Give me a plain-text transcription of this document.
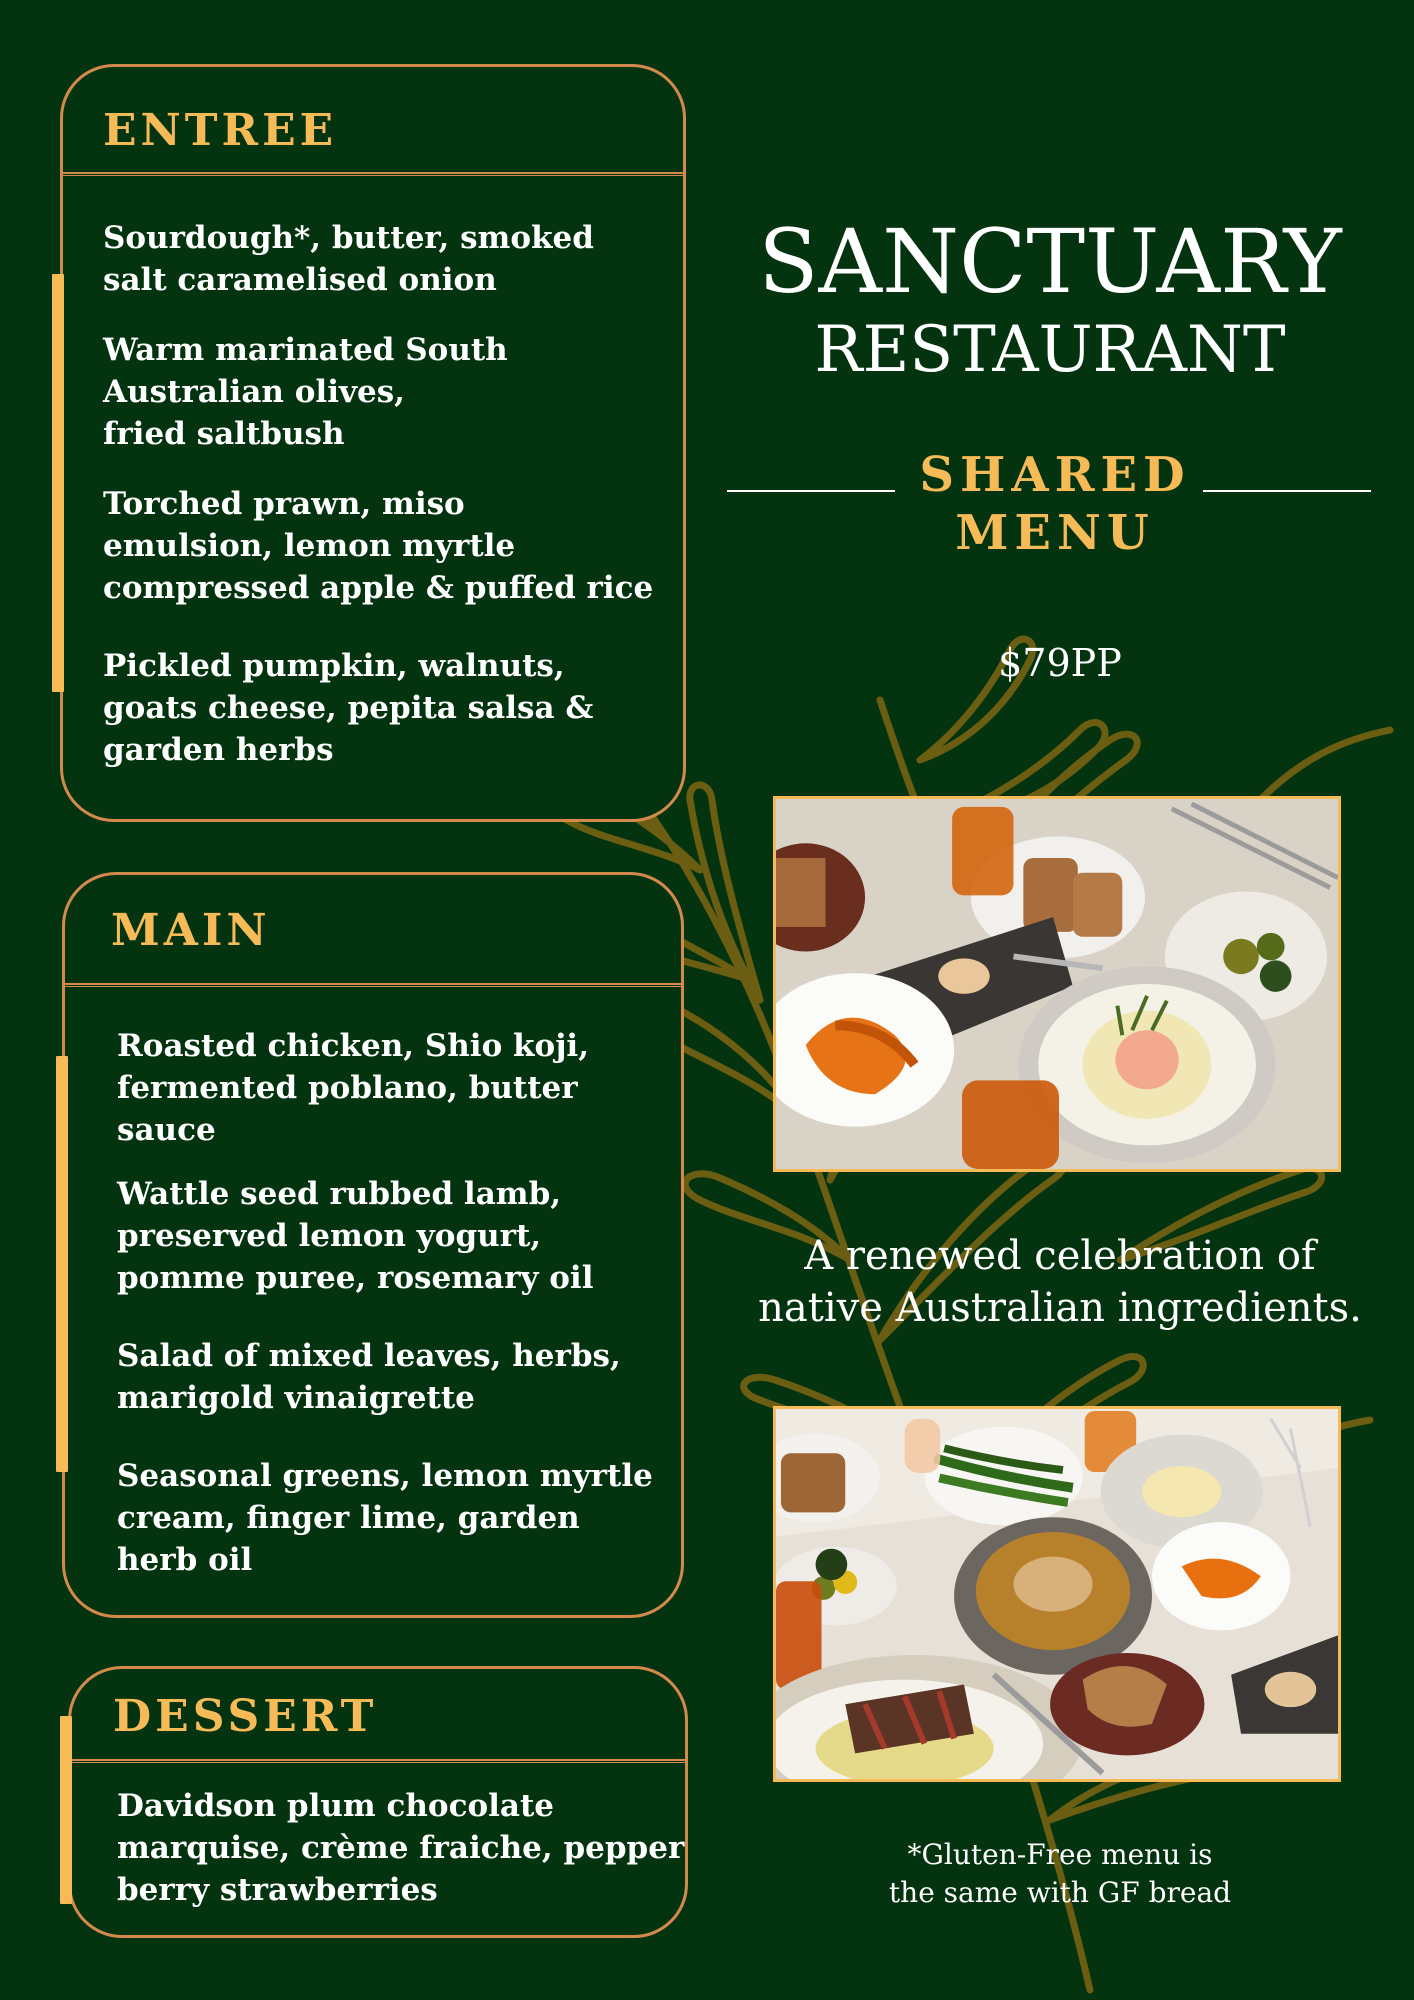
ENTREE

Sourdough*, butter, smoked
salt caramelised onion

Warm marinated South
Australian olives,
fried saltbush

Torched prawn, miso
emulsion, lemon myrtle
compressed apple & puffed rice

Pickled pumpkin, walnuts,
goats cheese, pepita salsa &
garden herbs

MAIN

Roasted chicken, Shio koji,
fermented poblano, butter
sauce

Wattle seed rubbed lamb,
preserved lemon yogurt,
pomme puree, rosemary oil

Salad of mixed leaves, herbs,
marigold vinaigrette

Seasonal greens, lemon myrtle
cream, finger lime, garden
herb oil

DESSERT

Davidson plum chocolate
marquise, crème fraiche, pepper
berry strawberries

SANCTUARY
RESTAURANT
SHARED
MENU
$79PP
A renewed celebration of
native Australian ingredients.
*Gluten-Free menu is
the same with GF bread
